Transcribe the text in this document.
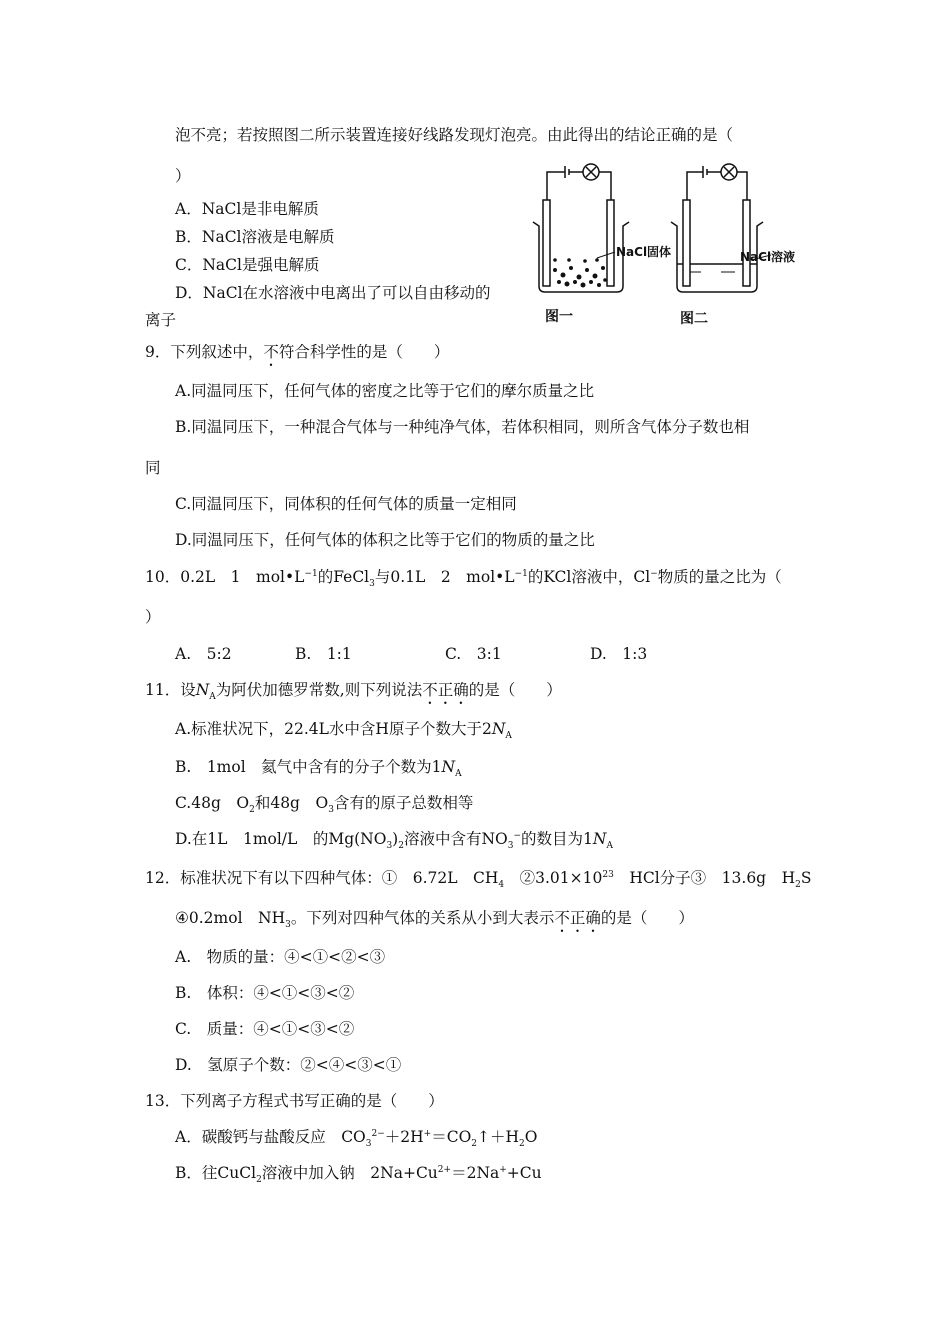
泡不亮；若按照图二所示装置连接好线路发现灯泡亮。由此得出的结论正确的是（
）
A．NaCl是非电解质
B．NaCl溶液是电解质
C．NaCl是强电解质
D．NaCl在水溶液中电离出了可以自由移动的
离子
NaCl固体	NaCl溶液
图一	图二
9．下列叙述中，不符合科学性的是（　　）
A.同温同压下，任何气体的密度之比等于它们的摩尔质量之比
B.同温同压下，一种混合气体与一种纯净气体，若体积相同，则所含气体分子数也相
同
C.同温同压下，同体积的任何气体的质量一定相同
D.同温同压下，任何气体的体积之比等于它们的物质的量之比
10．0.2L　1　$mol•L^{-1}$的FeCl$_3$与0.1L　2　$mol•L^{-1}$的KCl溶液中，Cl−物质的量之比为（
）
A.　5:2	B.　1:1	C.　3:1	D.　1:3
11．设$N_A$为阿伏加德罗常数,则下列说法不正确的是（　　）
A.标准状况下，22.4L水中含H原子个数大于$2N_A$
B.　1mol　氦气中含有的分子个数为$1N_A$
C.48g　$O_2$和48g　$O_3$含有的原子总数相等
D.在1L　1mol/L　的$Mg(NO_3)_2$溶液中含有$NO_3^-$的数目为$1N_A$
12．标准状况下有以下四种气体：①　6.72L　$CH_4$　$②3.01\times 10^{23}$　HCl分子③　13.6g　$H_2S$
④0.2mol　$NH_3$。下列对四种气体的关系从小到大表示不正确的是（　　）
A.　物质的量：④<①<②<③
B.　体积：④<①<③<②
C.　质量：④<①<③<②
D.　氢原子个数：②<④<③<①
13．下列离子方程式书写正确的是（　　）
A．碳酸钙与盐酸反应　$CO_3^{2-}+2H^+=CO_2↑+H_2O$
B．往CuCl$_2$溶液中加入钠　$2Na+Cu^{2+}=2Na^++Cu$
